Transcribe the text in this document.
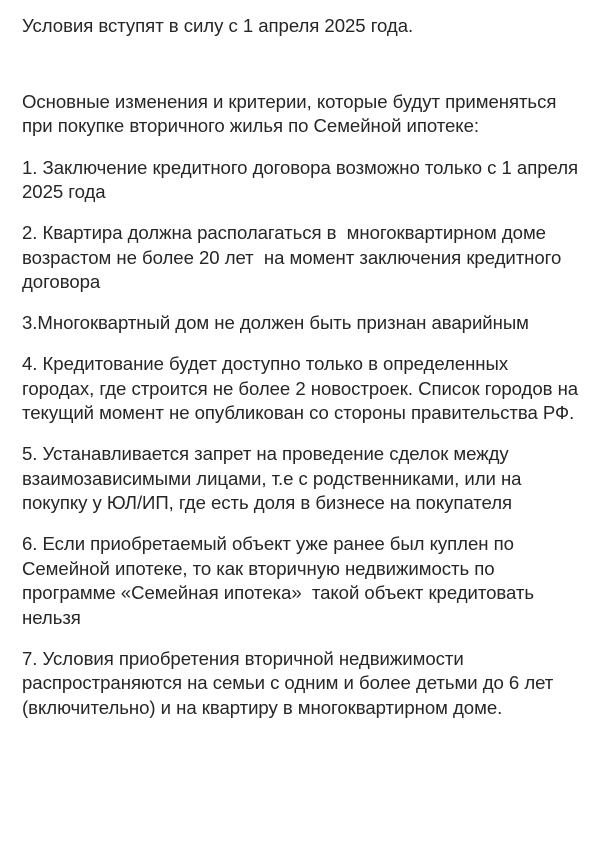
Условия вступят в силу с 1 апреля 2025 года.

Основные изменения и критерии, которые будут применяться при покупке вторичного жилья по Семейной ипотеке:

1. Заключение кредитного договора возможно только с 1 апреля 2025 года

2. Квартира должна располагаться в  многоквартирном доме возрастом не более 20 лет  на момент заключения кредитного договора

3.Многоквартный дом не должен быть признан аварийным

4. Кредитование будет доступно только в определенных городах, где строится не более 2 новостроек. Список городов на текущий момент не опубликован со стороны правительства РФ.

5. Устанавливается запрет на проведение сделок между взаимозависимыми лицами, т.е с родственниками, или на покупку у ЮЛ/ИП, где есть доля в бизнесе на покупателя

6. Если приобретаемый объект уже ранее был куплен по Семейной ипотеке, то как вторичную недвижимость по программе «Семейная ипотека»  такой объект кредитовать нельзя

7. Условия приобретения вторичной недвижимости распространяются на семьи с одним и более детьми до 6 лет (включительно) и на квартиру в многоквартирном доме.
